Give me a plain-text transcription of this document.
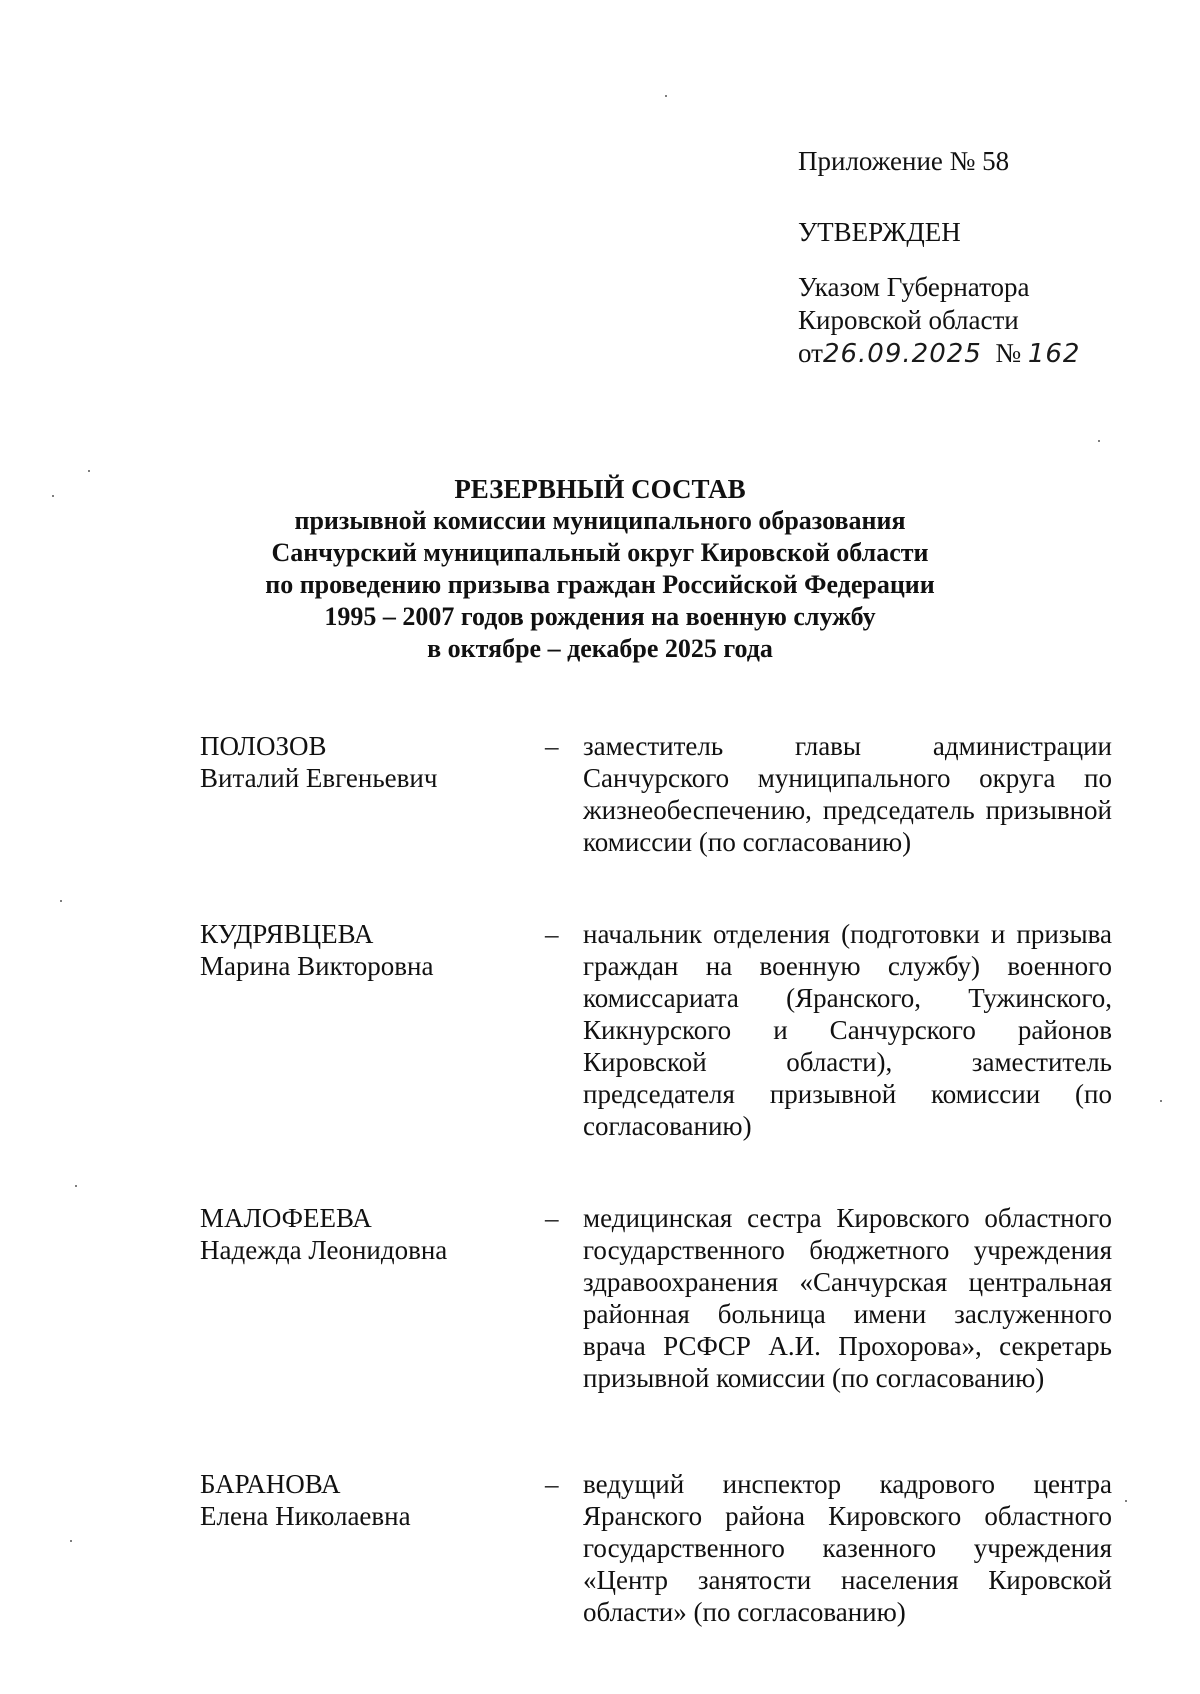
Приложение № 58
УТВЕРЖДЕН
Указом Губернатора
Кировской области
от26.09.2025 № 162
РЕЗЕРВНЫЙ СОСТАВ
призывной комиссии муниципального образования
Санчурский муниципальный округ Кировской области
по проведению призыва граждан Российской Федерации
1995 – 2007 годов рождения на военную службу
в октябре – декабре 2025 года
ПОЛОЗОВ
Виталий Евгеньевич
– заместитель главы администрации Санчурского муниципального округа по жизнеобеспечению, председатель призывной комиссии (по согласованию)
КУДРЯВЦЕВА
Марина Викторовна
– начальник отделения (подготовки и призыва граждан на военную службу) военного комиссариата (Яранского, Тужинского, Кикнурского и Санчурского районов Кировской области), заместитель председателя призывной комиссии (по согласованию)
МАЛОФЕЕВА
Надежда Леонидовна
– медицинская сестра Кировского областного государственного бюджетного учреждения здравоохранения «Санчурская центральная районная больница имени заслуженного врача РСФСР А.И. Прохорова», секретарь призывной комиссии (по согласованию)
БАРАНОВА
Елена Николаевна
– ведущий инспектор кадрового центра Яранского района Кировского областного государственного казенного учреждения «Центр занятости населения Кировской области» (по согласованию)
